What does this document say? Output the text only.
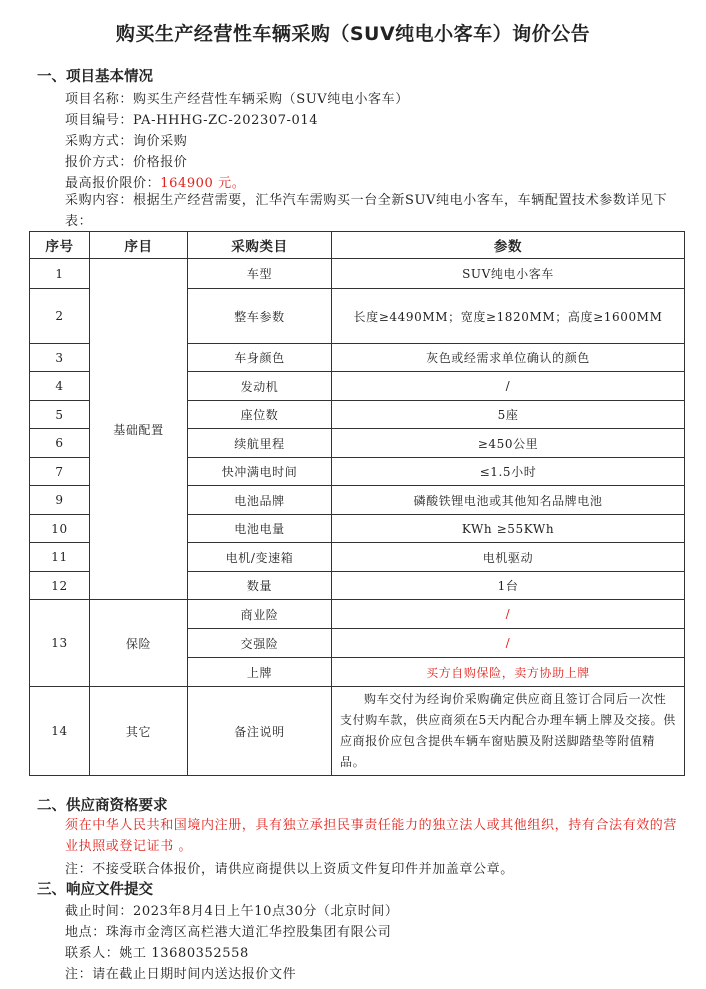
购买生产经营性车辆采购（SUV纯电小客车）询价公告
一、项目基本情况
项目名称：购买生产经营性车辆采购（SUV纯电小客车）
项目编号：PA-HHHG-ZC-202307-014
采购方式：询价采购
报价方式：价格报价
最高报价限价：164900 元。
采购内容：根据生产经营需要，汇华汽车需购买一台全新SUV纯电小客车，车辆配置技术参数详见下表：
序号	序目	采购类目	参数
1	基础配置	车型	SUV纯电小客车
2		整车参数	长度≥4490MM；宽度≥1820MM；高度≥1600MM
3		车身颜色	灰色或经需求单位确认的颜色
4		发动机	/
5		座位数	5座
6		续航里程	≥450公里
7		快冲满电时间	≤1.5小时
9		电池品牌	磷酸铁锂电池或其他知名品牌电池
10		电池电量	KWh ≥55KWh
11		电机/变速箱	电机驱动
12		数量	1台
13	保险	商业险	/
		交强险	/
		上牌	买方自购保险，卖方协助上牌
14	其它	备注说明	购车交付为经询价采购确定供应商且签订合同后一次性支付购车款，供应商须在5天内配合办理车辆上牌及交接。供应商报价应包含提供车辆车窗贴膜及附送脚踏垫等附值精品。
二、供应商资格要求
须在中华人民共和国境内注册，具有独立承担民事责任能力的独立法人或其他组织，持有合法有效的营业执照或登记证书 。
注：不接受联合体报价，请供应商提供以上资质文件复印件并加盖章公章。
三、响应文件提交
截止时间：2023年8月4日上午10点30分（北京时间）
地点：珠海市金湾区高栏港大道汇华控股集团有限公司
联系人：姚工 13680352558
注：请在截止日期时间内送达报价文件
